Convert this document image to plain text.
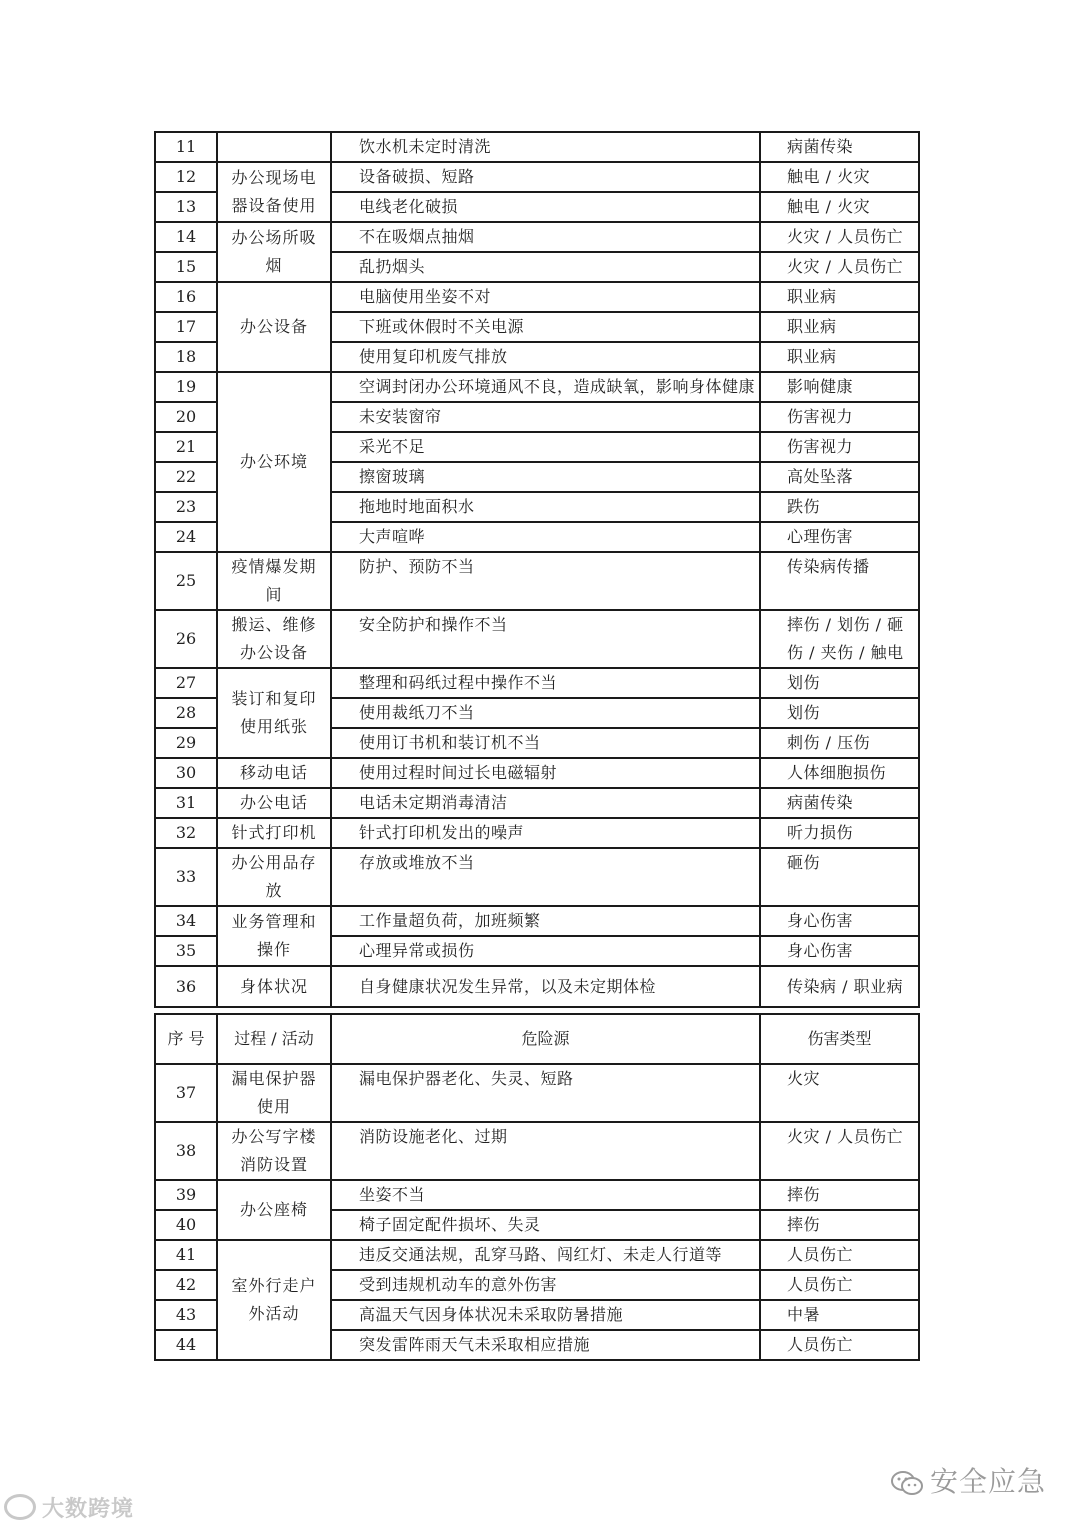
11		饮水机未定时清洗	病菌传染
12	办公现场电器设备使用	设备破损、短路	触电 / 火灾
13		电线老化破损	触电 / 火灾
14	办公场所吸烟	不在吸烟点抽烟	火灾 / 人员伤亡
15		乱扔烟头	火灾 / 人员伤亡
16	办公设备	电脑使用坐姿不对	职业病
17		下班或休假时不关电源	职业病
18		使用复印机废气排放	职业病
19	办公环境	空调封闭办公环境通风不良，造成缺氧，影响身体健康	影响健康
20		未安装窗帘	伤害视力
21		采光不足	伤害视力
22		擦窗玻璃	高处坠落
23		拖地时地面积水	跌伤
24		大声喧哗	心理伤害
25	疫情爆发期间	防护、预防不当	传染病传播
26	搬运、维修办公设备	安全防护和操作不当	摔伤 / 划伤 / 砸伤 / 夹伤 / 触电
27	装订和复印使用纸张	整理和码纸过程中操作不当	划伤
28		使用裁纸刀不当	划伤
29		使用订书机和装订机不当	刺伤 / 压伤
30	移动电话	使用过程时间过长电磁辐射	人体细胞损伤
31	办公电话	电话未定期消毒清洁	病菌传染
32	针式打印机	针式打印机发出的噪声	听力损伤
33	办公用品存放	存放或堆放不当	砸伤
34	业务管理和操作	工作量超负荷，加班频繁	身心伤害
35		心理异常或损伤	身心伤害
36	身体状况	自身健康状况发生异常，以及未定期体检	传染病 / 职业病

序 号	过程 / 活动	危险源	伤害类型
37	漏电保护器使用	漏电保护器老化、失灵、短路	火灾
38	办公写字楼消防设置	消防设施老化、过期	火灾 / 人员伤亡
39	办公座椅	坐姿不当	摔伤
40		椅子固定配件损坏、失灵	摔伤
41	室外行走户外活动	违反交通法规，乱穿马路、闯红灯、未走人行道等	人员伤亡
42		受到违规机动车的意外伤害	人员伤亡
43		高温天气因身体状况未采取防暑措施	中暑
44		突发雷阵雨天气未采取相应措施	人员伤亡
大数跨境
安全应急
